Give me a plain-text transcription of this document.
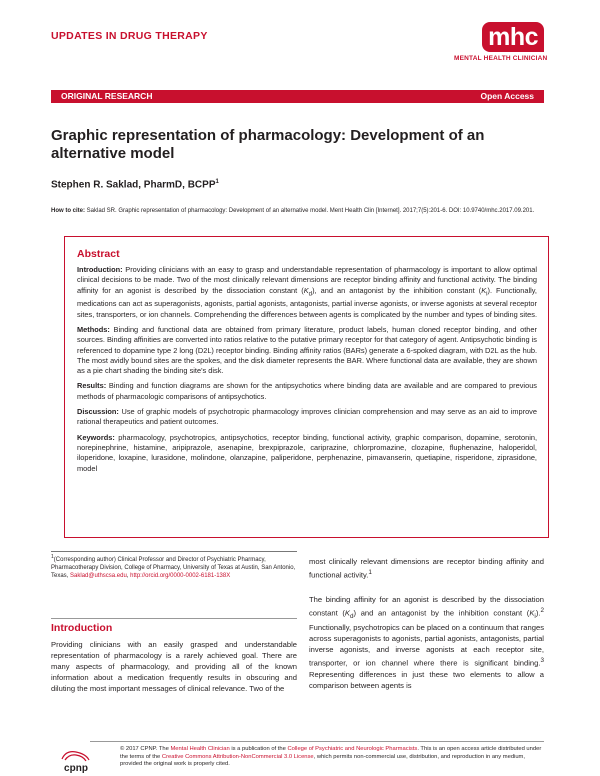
UPDATES IN DRUG THERAPY	mhc
MENTAL HEALTH CLINICIAN
ORIGINAL RESEARCH	Open Access
Graphic representation of pharmacology: Development of an alternative model
Stephen R. Saklad, PharmD, BCPP$^1$
How to cite: Saklad SR. Graphic representation of pharmacology: Development of an alternative model. Ment Health Clin [Internet]. 2017;7(5):201-6. DOI: 10.9740/mhc.2017.09.201.
Abstract

Introduction: Providing clinicians with an easy to grasp and understandable representation of pharmacology is important to allow optimal clinical decisions to be made. Two of the most clinically relevant dimensions are receptor binding affinity and functional activity. The binding affinity for an agonist is described by the dissociation constant $(K_d)$, and an antagonist by the inhibition constant $(K_i)$. Functionally, medications can act as superagonists, agonists, partial agonists, antagonists, partial inverse agonists, or inverse agonists at several receptor sites, transporters, or ion channels. Comprehending the differences between agents is complicated by the number and types of binding sites.

Methods: Binding and functional data are obtained from primary literature, product labels, human cloned receptor binding, and other sources. Binding affinities are converted into ratios relative to the putative primary receptor for that category of agent. Antipsychotic binding is referenced to dopamine type 2 long (D2L) receptor binding. Binding affinity ratios (BARs) generate a 6-spoked diagram, with D2L as the hub. The most avidly bound sites are the spokes, and the disk diameter represents the BAR. Where functional data are available, they are shown as a pie chart shading the binding site's disk.

Results: Binding and function diagrams are shown for the antipsychotics where binding data are available and are compared to previous methods of pharmacologic comparisons of antipsychotics.

Discussion: Use of graphic models of psychotropic pharmacology improves clinician comprehension and may serve as an aid to improve rational therapeutics and patient outcomes.

Keywords: pharmacology, psychotropics, antipsychotics, receptor binding, functional activity, graphic comparison, dopamine, serotonin, norepinephrine, histamine, aripiprazole, asenapine, brexpiprazole, cariprazine, chlorpromazine, clozapine, fluphenazine, haloperidol, iloperidone, loxapine, lurasidone, molindone, olanzapine, paliperidone, perphenazine, pimavanserin, quetiapine, risperidone, ziprasidone, model

$^1$(Corresponding author) Clinical Professor and Director of Psychiatric Pharmacy, Pharmacotherapy Division, College of Pharmacy, University of Texas at Austin, San Antonio, Texas, Saklad@uthscsa.edu, http://orcid.org/0000-0002-6181-138X
Introduction
Providing clinicians with an easily grasped and understandable representation of pharmacology is a rarely achieved goal. There are many aspects of pharmacology, and providing all of the known information about a medication frequently results in obscuring and diluting the most important messages of clinical relevance. Two of the
most clinically relevant dimensions are receptor binding affinity and functional activity.$^1$
The binding affinity for an agonist is described by the dissociation constant $(K_d)$ and an antagonist by the inhibition constant $(K_i).^2$ Functionally, psychotropics can be placed on a continuum that ranges across superagonists to agonists, partial agonists, antagonists, partial inverse agonists, and inverse agonists at each receptor site, transporter, or ion channel where there is significant binding.$^3$ Representing differences in just these two elements to allow a comparison between agents is
cpnp
© 2017 CPNP. The Mental Health Clinician is a publication of the College of Psychiatric and Neurologic Pharmacists. This is an open access article distributed under the terms of the Creative Commons Attribution-NonCommercial 3.0 License, which permits non-commercial use, distribution, and reproduction in any medium, provided the original work is properly cited.
